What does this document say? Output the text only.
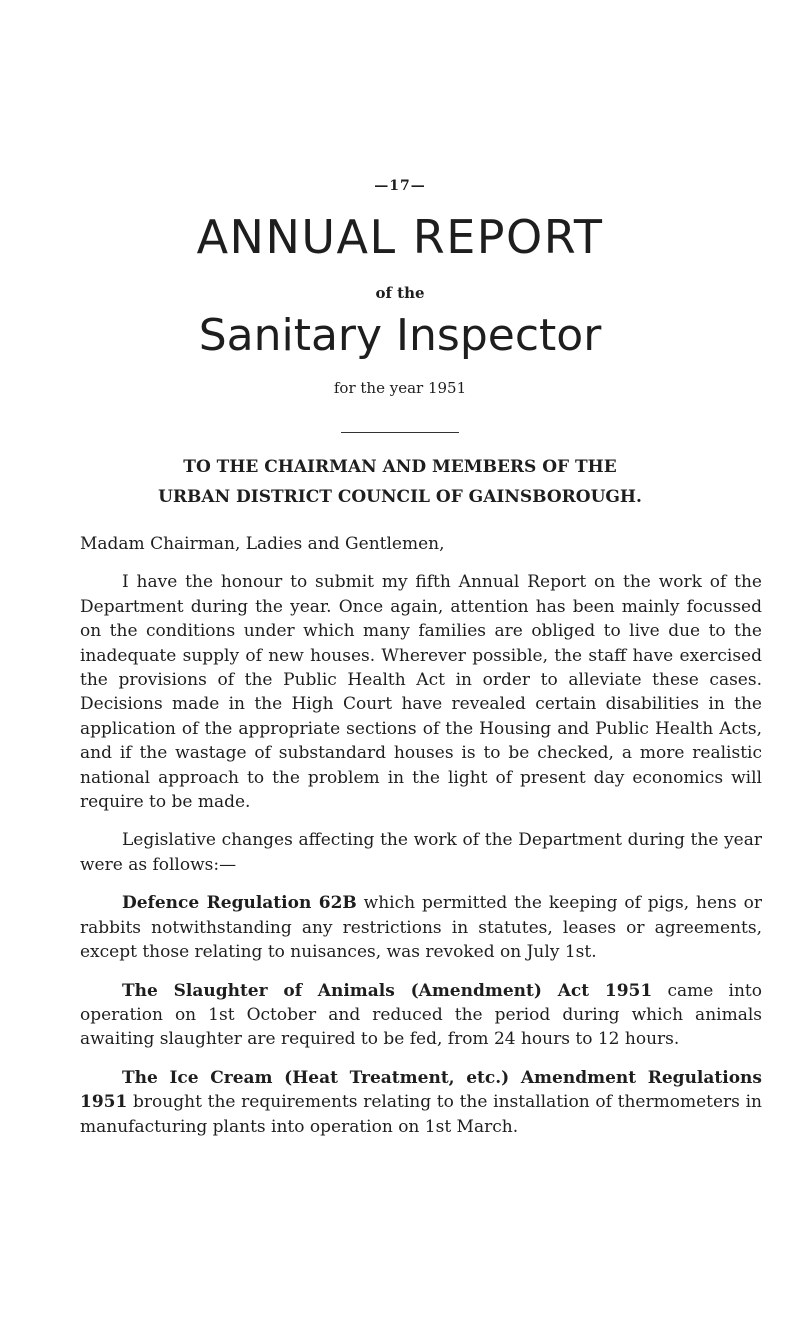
—17—
ANNUAL REPORT
of the
Sanitary Inspector
for the year 1951
TO THE CHAIRMAN AND MEMBERS OF THE
URBAN DISTRICT COUNCIL OF GAINSBOROUGH.

Madam Chairman, Ladies and Gentlemen,

I have the honour to submit my fifth Annual Report on the work of the Department during the year. Once again, attention has been mainly focussed on the conditions under which many families are obliged to live due to the inadequate supply of new houses. Wherever possible, the staff have exercised the provisions of the Public Health Act in order to alleviate these cases. Decisions made in the High Court have revealed certain disabilities in the application of the appropriate sections of the Housing and Public Health Acts, and if the wastage of substandard houses is to be checked, a more realistic national approach to the problem in the light of present day economics will require to be made.

Legislative changes affecting the work of the Department during the year were as follows:—

Defence Regulation 62B which permitted the keeping of pigs, hens or rabbits notwithstanding any restrictions in statutes, leases or agreements, except those relating to nuisances, was revoked on July 1st.

The Slaughter of Animals (Amendment) Act 1951 came into operation on 1st October and reduced the period during which animals awaiting slaughter are required to be fed, from 24 hours to 12 hours.

The Ice Cream (Heat Treatment, etc.) Amendment Regulations 1951 brought the requirements relating to the installation of thermometers in manufacturing plants into operation on 1st March.
